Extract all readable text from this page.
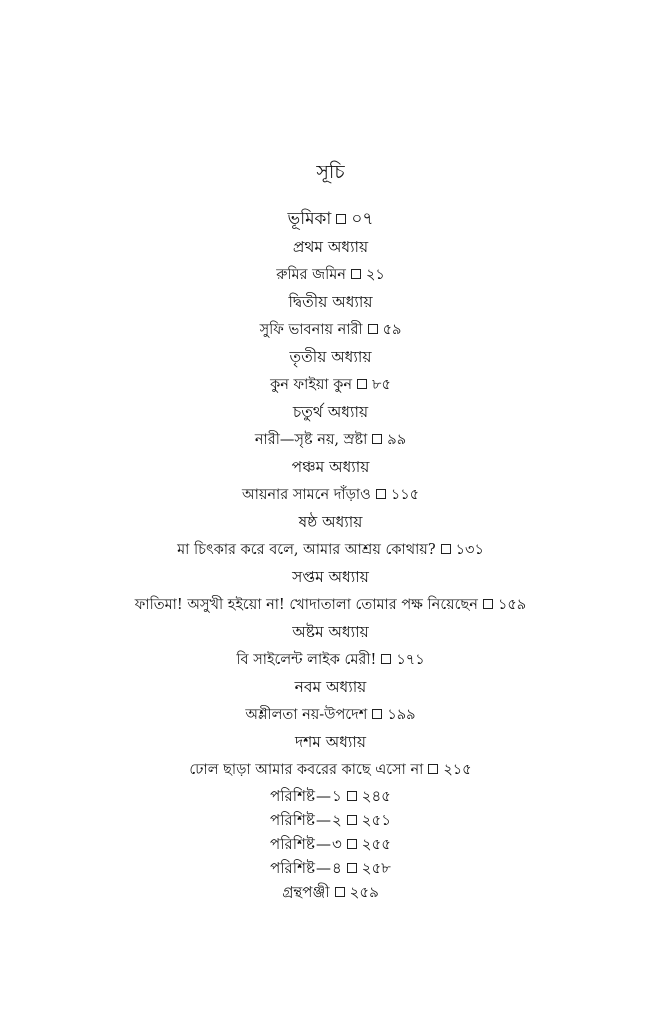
সূচি
ভূমিকা ০৭
প্রথম অধ্যায়
রুমির জমিন ২১
দ্বিতীয় অধ্যায়
সুফি ভাবনায় নারী ৫৯
তৃতীয় অধ্যায়
কুন ফাইয়া কুন ৮৫
চতুর্থ অধ্যায়
নারী—সৃষ্ট নয়, স্রষ্টা ৯৯
পঞ্চম অধ্যায়
আয়নার সামনে দাঁড়াও ১১৫
ষষ্ঠ অধ্যায়
মা চিৎকার করে বলে, আমার আশ্রয় কোথায়? ১৩১
সপ্তম অধ্যায়
ফাতিমা! অসুখী হইয়ো না! খোদাতালা তোমার পক্ষ নিয়েছেন ১৫৯
অষ্টম অধ্যায়
বি সাইলেন্ট লাইক মেরী! ১৭১
নবম অধ্যায়
অশ্লীলতা নয়-উপদেশ ১৯৯
দশম অধ্যায়
ঢোল ছাড়া আমার কবরের কাছে এসো না ২১৫
পরিশিষ্ট—১ ২৪৫
পরিশিষ্ট—২ ২৫১
পরিশিষ্ট—৩ ২৫৫
পরিশিষ্ট—৪ ২৫৮
গ্রন্থপঞ্জী ২৫৯
